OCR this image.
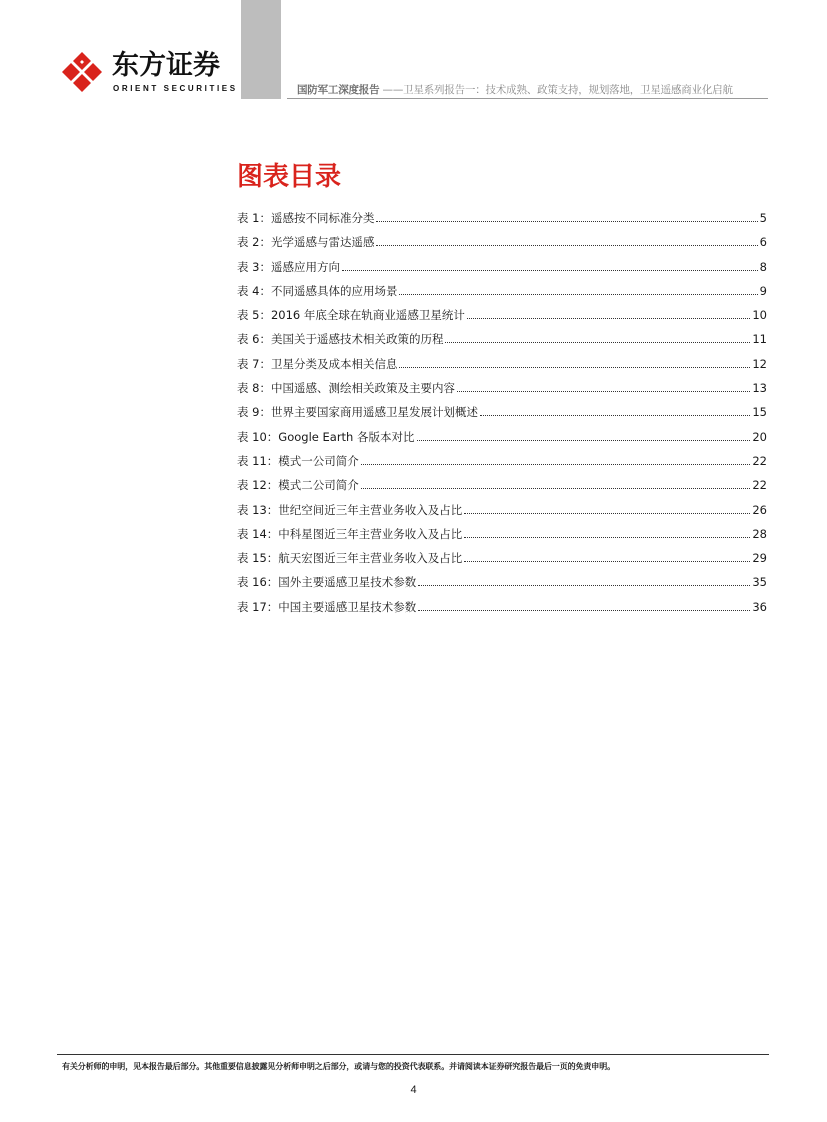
东方证券
ORIENT SECURITIES	国防军工深度报告 ——卫星系列报告一：技术成熟、政策支持，规划落地，卫星遥感商业化启航
图表目录
表 1： 遥感按不同标准分类	5
表 2： 光学遥感与雷达遥感	6
表 3： 遥感应用方向	8
表 4： 不同遥感具体的应用场景	9
表 5： 2016 年底全球在轨商业遥感卫星统计	10
表 6： 美国关于遥感技术相关政策的历程	11
表 7： 卫星分类及成本相关信息	12
表 8： 中国遥感、测绘相关政策及主要内容	13
表 9： 世界主要国家商用遥感卫星发展计划概述	15
表 10： Google Earth 各版本对比	20
表 11： 模式一公司简介	22
表 12： 模式二公司简介	22
表 13： 世纪空间近三年主营业务收入及占比	26
表 14： 中科星图近三年主营业务收入及占比	28
表 15： 航天宏图近三年主营业务收入及占比	29
表 16： 国外主要遥感卫星技术参数	35
表 17： 中国主要遥感卫星技术参数	36
有关分析师的申明，见本报告最后部分。其他重要信息披露见分析师申明之后部分，或请与您的投资代表联系。并请阅读本证券研究报告最后一页的免责申明。
4
